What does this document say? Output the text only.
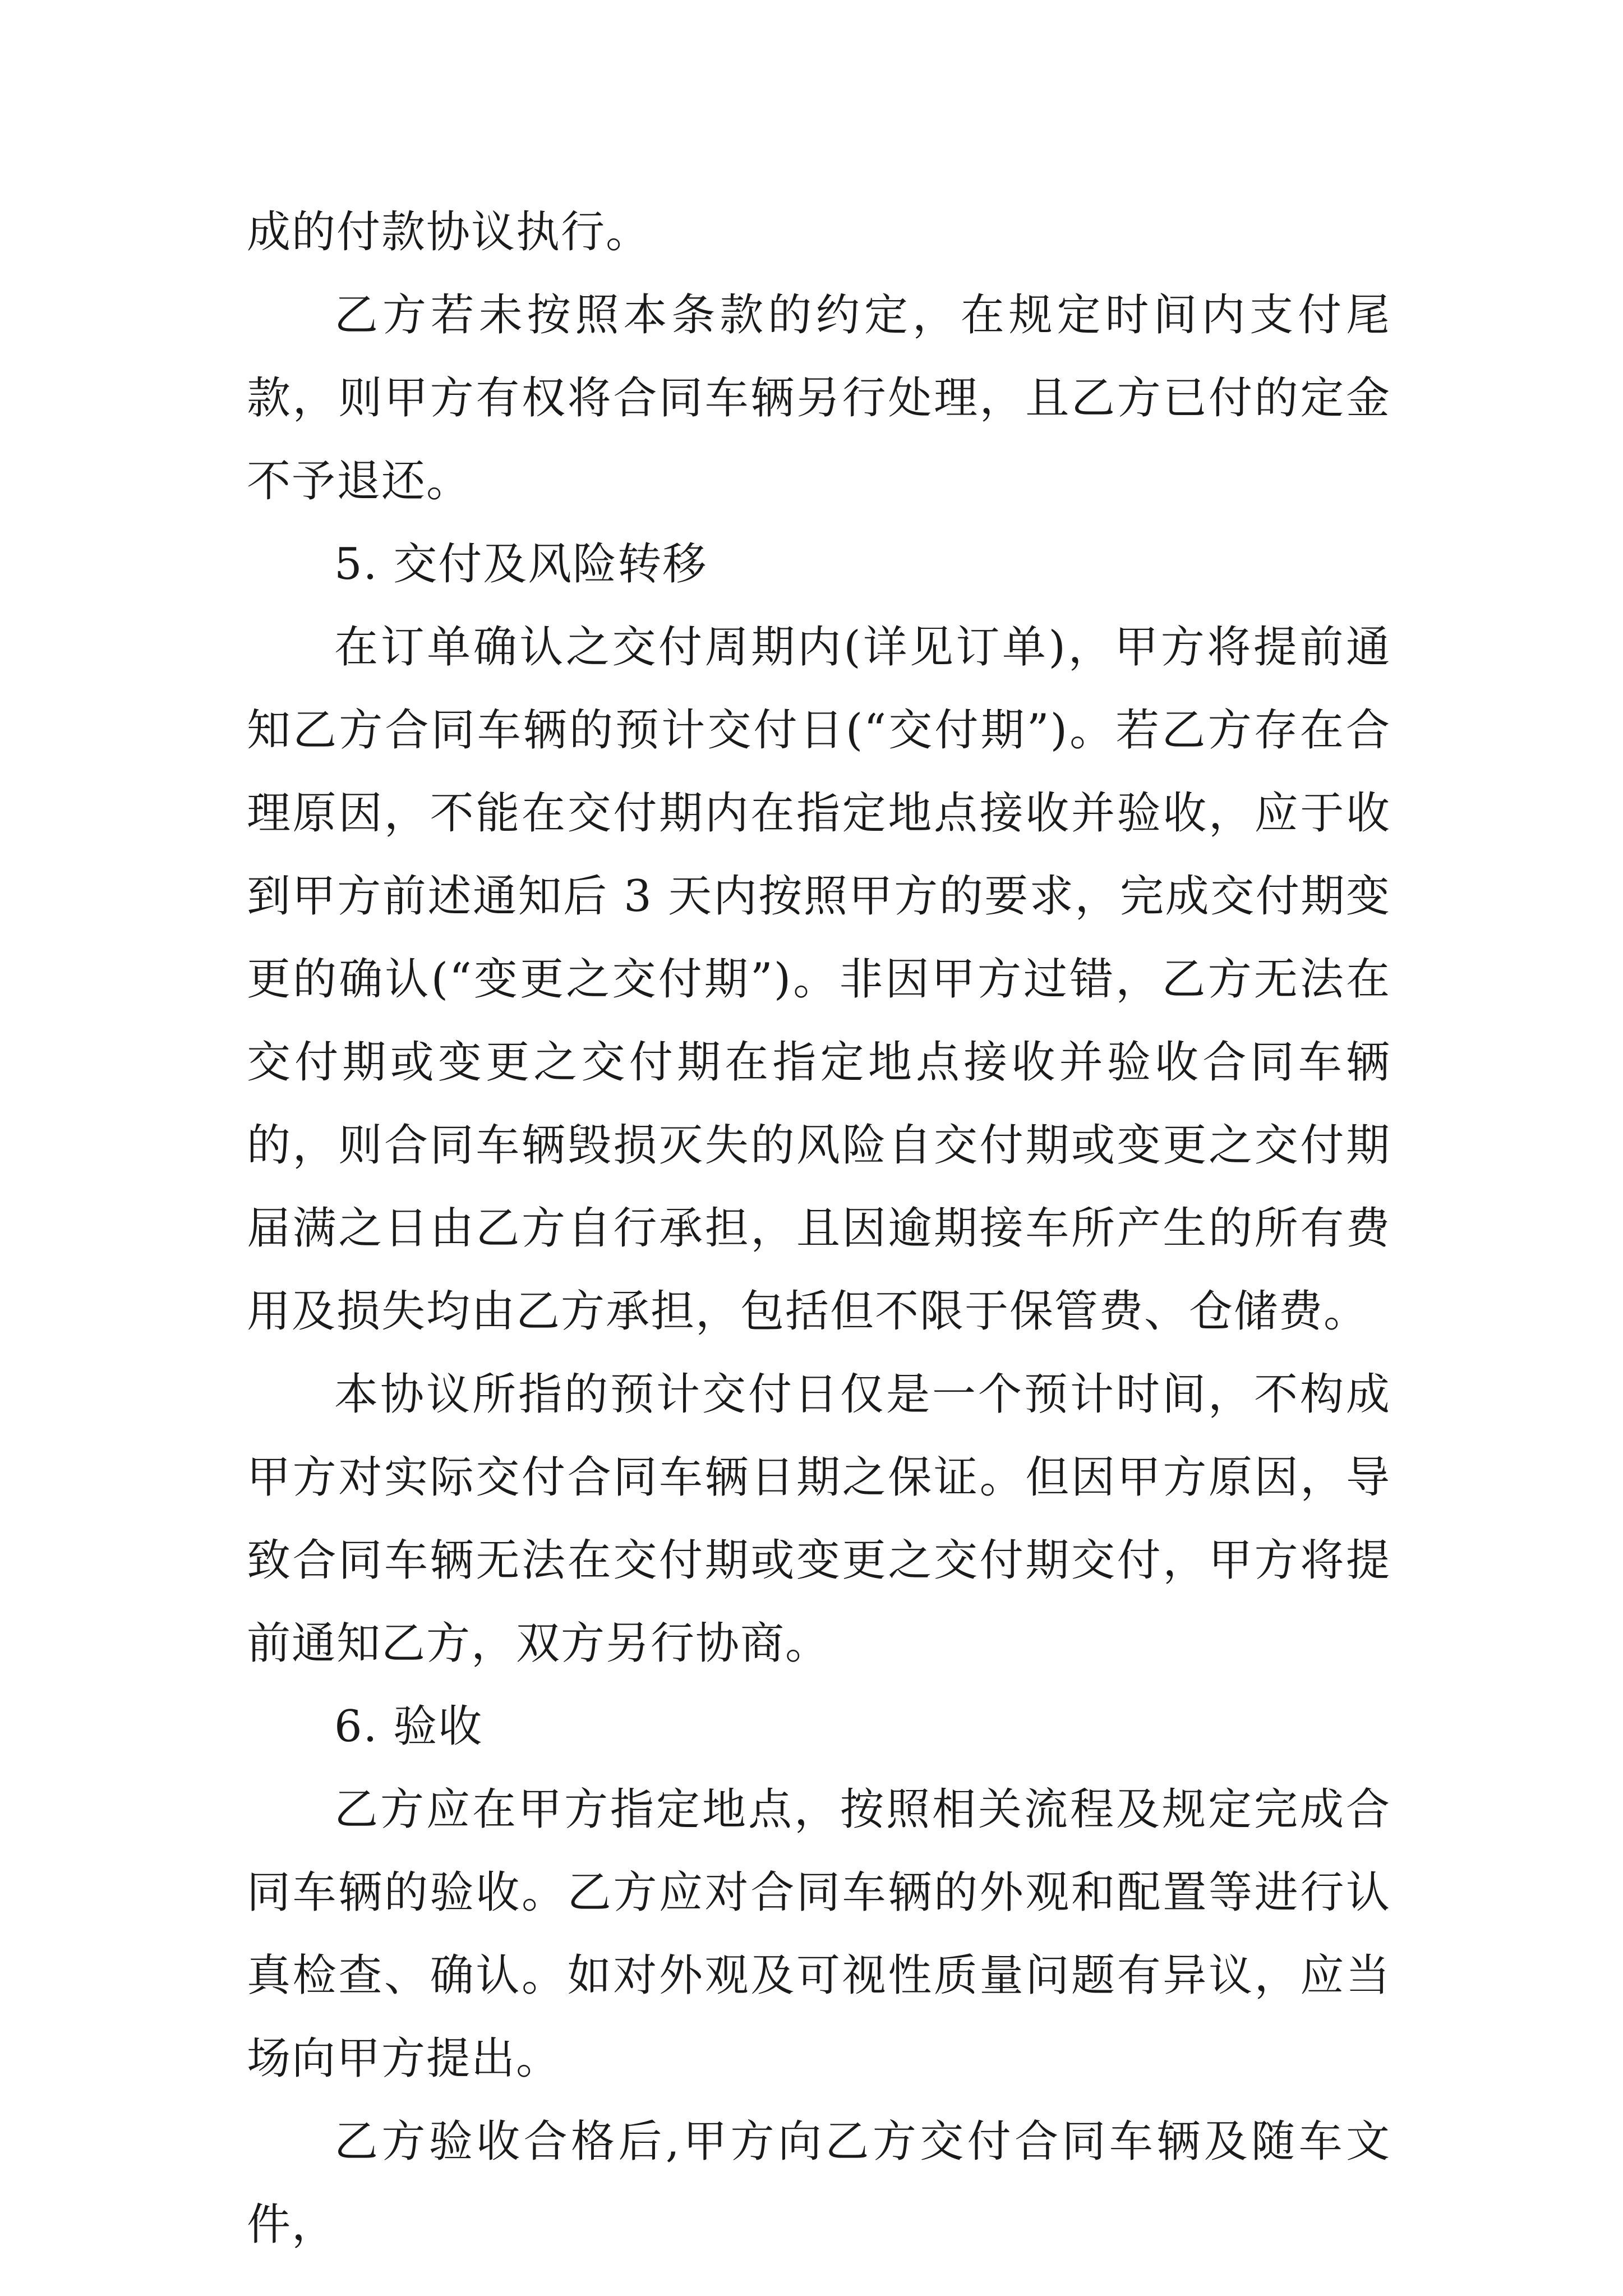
成的付款协议执行。

乙方若未按照本条款的约定，在规定时间内支付尾款，则甲方有权将合同车辆另行处理，且乙方已付的定金不予退还。

5. 交付及风险转移

在订单确认之交付周期内(详见订单)，甲方将提前通知乙方合同车辆的预计交付日(“交付期”)。若乙方存在合理原因，不能在交付期内在指定地点接收并验收，应于收到甲方前述通知后 3 天内按照甲方的要求，完成交付期变更的确认(“变更之交付期”)。非因甲方过错，乙方无法在交付期或变更之交付期在指定地点接收并验收合同车辆的，则合同车辆毁损灭失的风险自交付期或变更之交付期届满之日由乙方自行承担，且因逾期接车所产生的所有费用及损失均由乙方承担，包括但不限于保管费、仓储费。

本协议所指的预计交付日仅是一个预计时间，不构成甲方对实际交付合同车辆日期之保证。但因甲方原因，导致合同车辆无法在交付期或变更之交付期交付，甲方将提前通知乙方，双方另行协商。

6. 验收

乙方应在甲方指定地点，按照相关流程及规定完成合同车辆的验收。乙方应对合同车辆的外观和配置等进行认真检查、确认。如对外观及可视性质量问题有异议，应当场向甲方提出。

乙方验收合格后,甲方向乙方交付合同车辆及随车文件，
